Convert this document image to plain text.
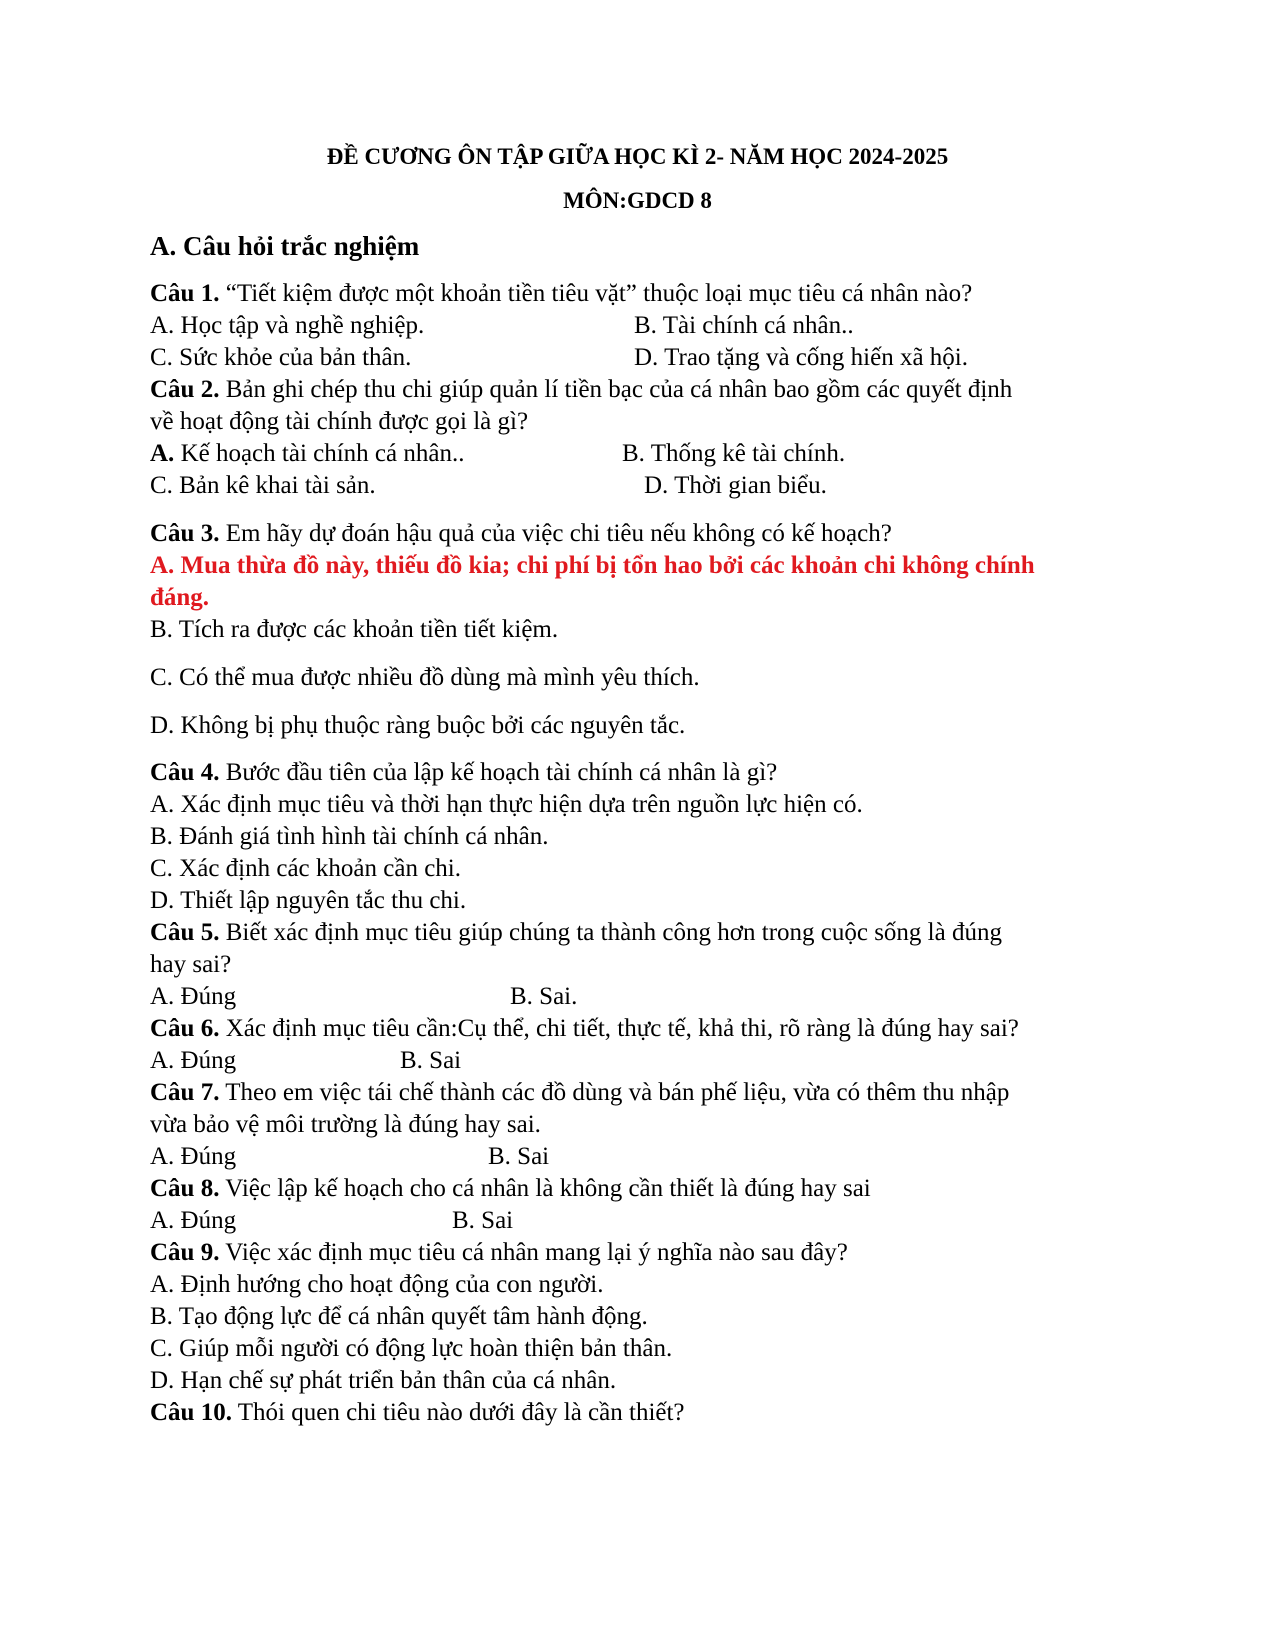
ĐỀ CƯƠNG ÔN TẬP GIỮA HỌC KÌ 2- NĂM HỌC 2024-2025
MÔN:GDCD 8
A. Câu hỏi trắc nghiệm
Câu 1. “Tiết kiệm được một khoản tiền tiêu vặt” thuộc loại mục tiêu cá nhân nào?
A. Học tập và nghề nghiệp.	B. Tài chính cá nhân..
C. Sức khỏe của bản thân.	D. Trao tặng và cống hiến xã hội.
Câu 2. Bản ghi chép thu chi giúp quản lí tiền bạc của cá nhân bao gồm các quyết định
về hoạt động tài chính được gọi là gì?
A. Kế hoạch tài chính cá nhân..	B. Thống kê tài chính.
C. Bản kê khai tài sản.	D. Thời gian biểu.
Câu 3. Em hãy dự đoán hậu quả của việc chi tiêu nếu không có kế hoạch?
A. Mua thừa đồ này, thiếu đồ kia; chi phí bị tổn hao bởi các khoản chi không chính
đáng.
B. Tích ra được các khoản tiền tiết kiệm.
C. Có thể mua được nhiều đồ dùng mà mình yêu thích.
D. Không bị phụ thuộc ràng buộc bởi các nguyên tắc.
Câu 4. Bước đầu tiên của lập kế hoạch tài chính cá nhân là gì?
A. Xác định mục tiêu và thời hạn thực hiện dựa trên nguồn lực hiện có.
B. Đánh giá tình hình tài chính cá nhân.
C. Xác định các khoản cần chi.
D. Thiết lập nguyên tắc thu chi.
Câu 5. Biết xác định mục tiêu giúp chúng ta thành công hơn trong cuộc sống là đúng
hay sai?
A. Đúng	B. Sai.
Câu 6. Xác định mục tiêu cần:Cụ thể, chi tiết, thực tế, khả thi, rõ ràng là đúng hay sai?
A. Đúng	B. Sai
Câu 7. Theo em việc tái chế thành các đồ dùng và bán phế liệu, vừa có thêm thu nhập
vừa bảo vệ môi trường là đúng hay sai.
A. Đúng	B. Sai
Câu 8. Việc lập kế hoạch cho cá nhân là không cần thiết là đúng hay sai
A. Đúng	B. Sai
Câu 9. Việc xác định mục tiêu cá nhân mang lại ý nghĩa nào sau đây?
A. Định hướng cho hoạt động của con người.
B. Tạo động lực để cá nhân quyết tâm hành động.
C. Giúp mỗi người có động lực hoàn thiện bản thân.
D. Hạn chế sự phát triển bản thân của cá nhân.
Câu 10. Thói quen chi tiêu nào dưới đây là cần thiết?
